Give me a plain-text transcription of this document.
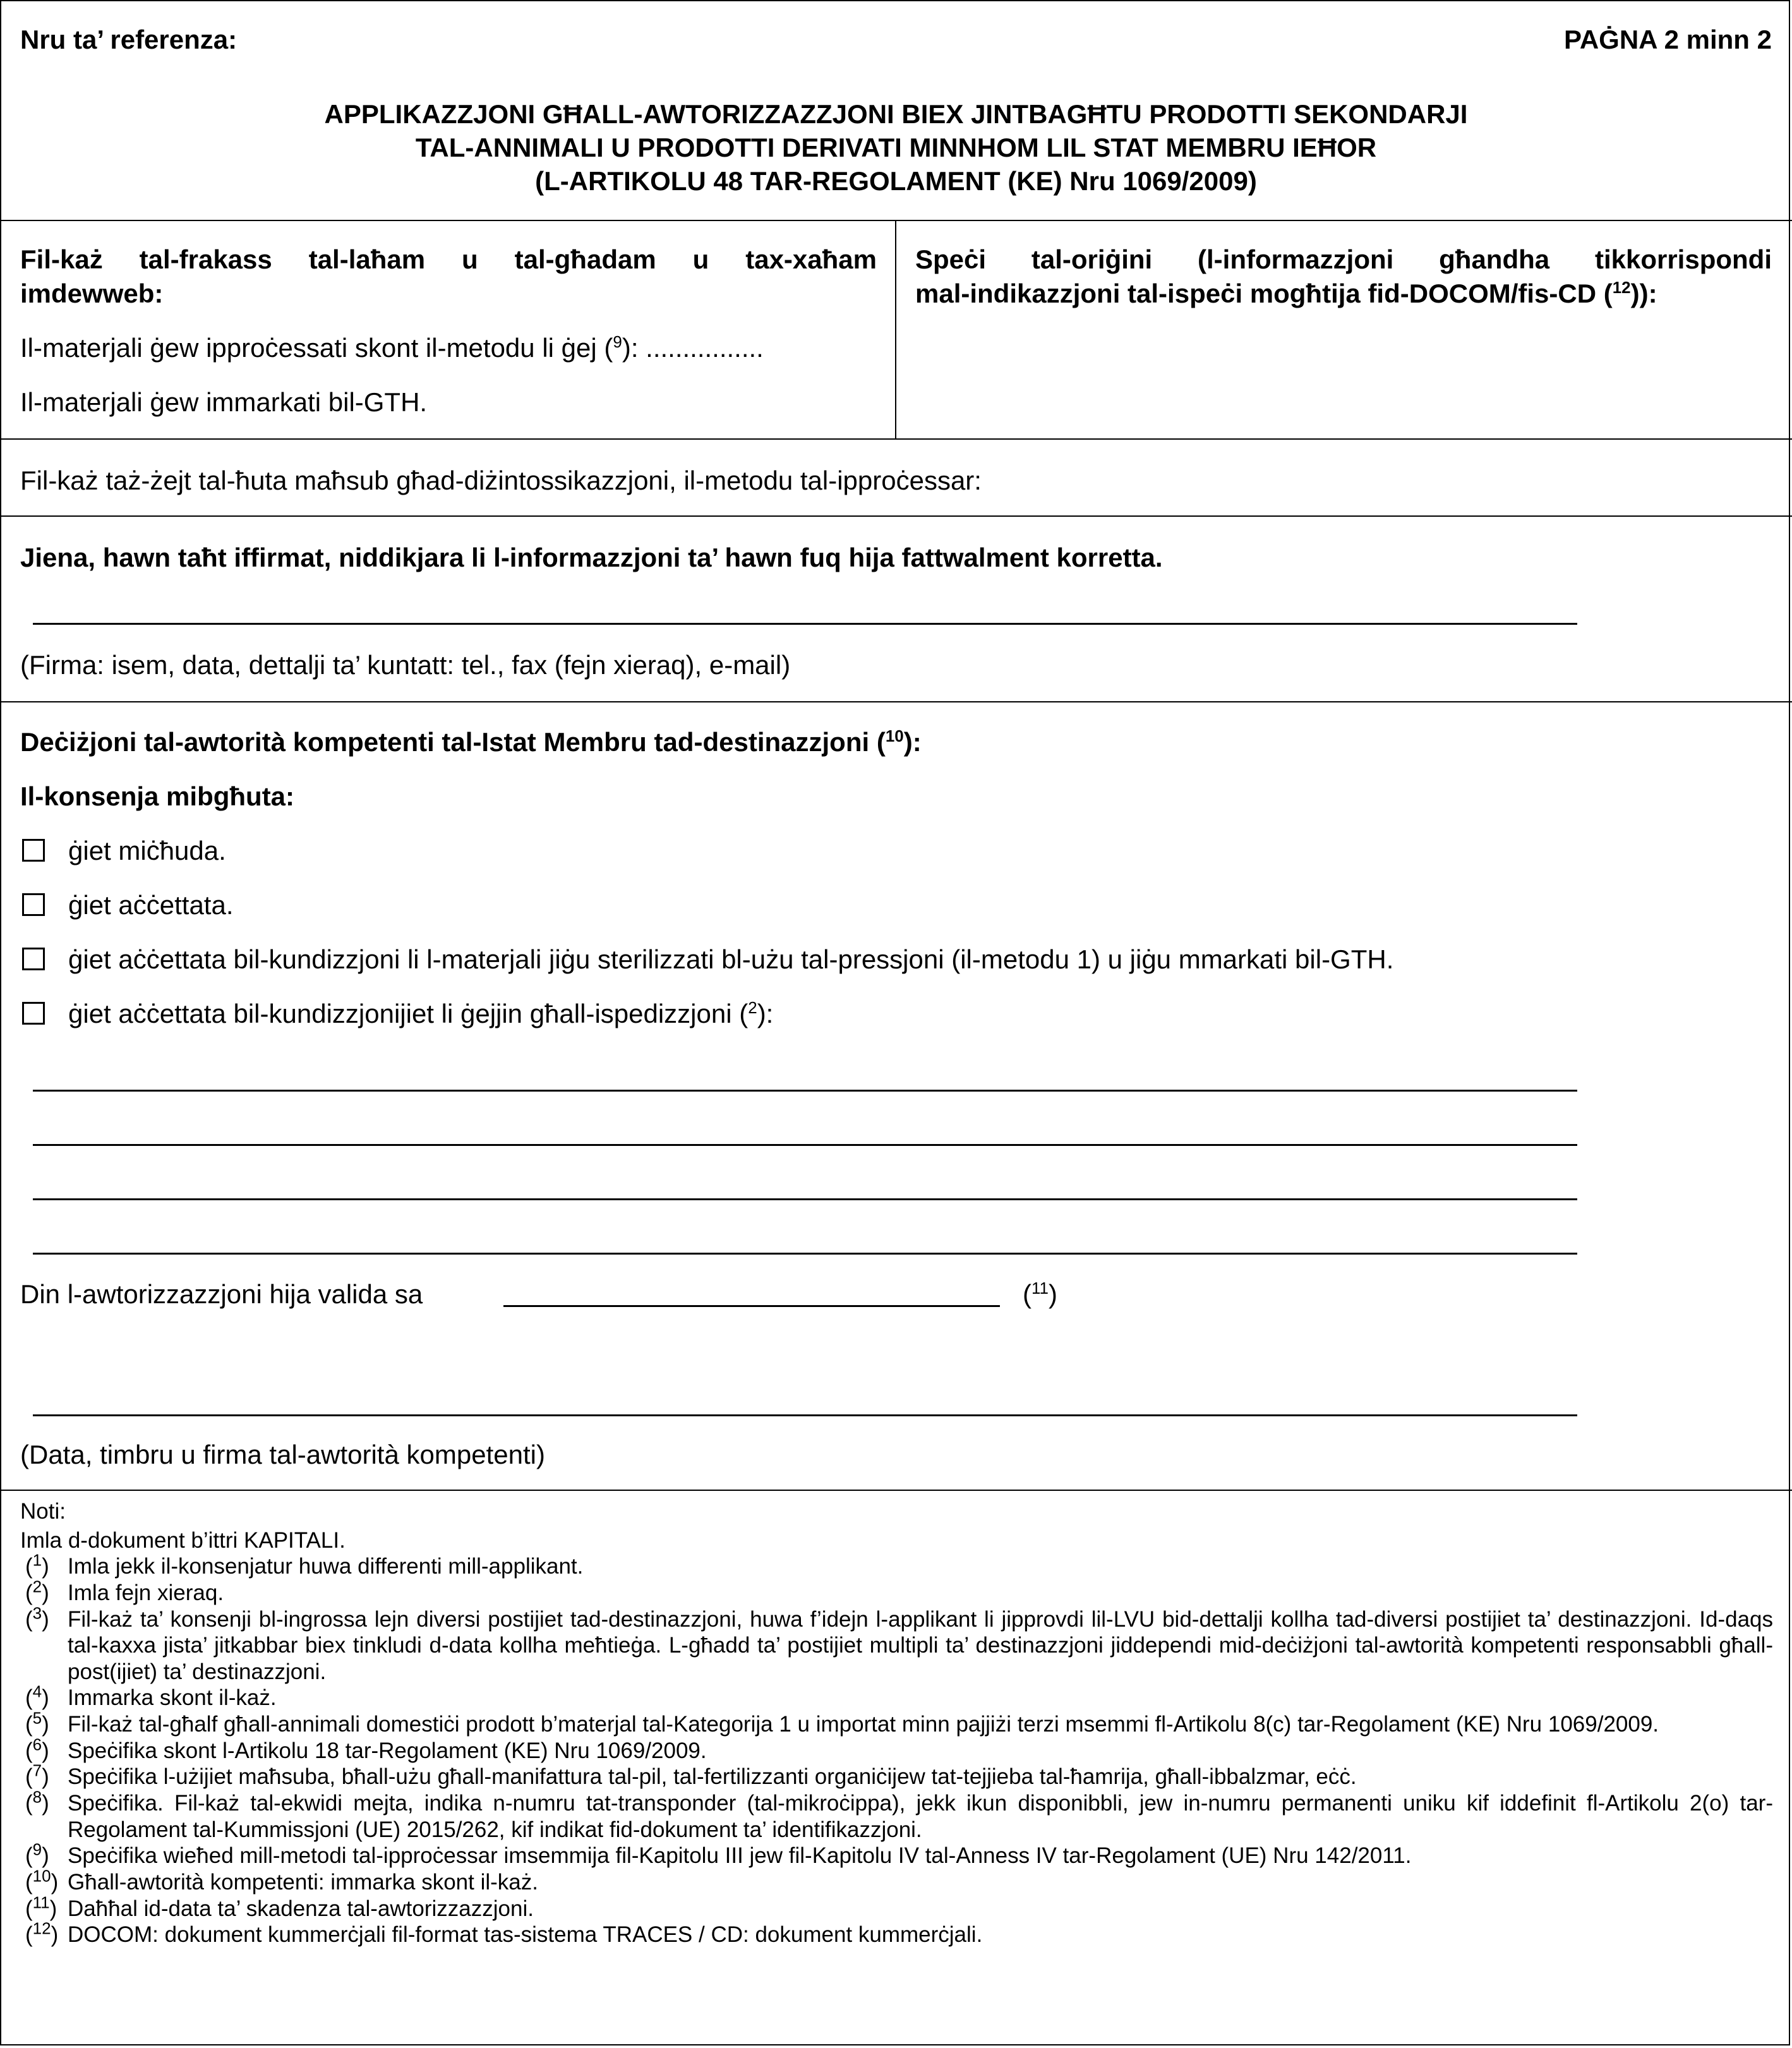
Nru ta’ referenza:	PAĠNA 2 minn 2
APPLIKAZZJONI GĦALL-AWTORIZZAZZJONI BIEX JINTBAGĦTU PRODOTTI SEKONDARJI
TAL-ANNIMALI U PRODOTTI DERIVATI MINNHOM LIL STAT MEMBRU IEĦOR
(L-ARTIKOLU 48 TAR-REGOLAMENT (KE) Nru 1069/2009)
Fil-każ tal-frakass tal-laħam u tal-għadam u tax-xaħam
imdewweb:
Il-materjali ġew ipproċessati skont il-metodu li ġej ($^9$): ................
Il-materjali ġew immarkati bil-GTH.
Speċi tal-oriġini (l-informazzjoni għandha tikkorrispondi
mal-indikazzjoni tal-ispeċi mogħtija fid-DOCOM/fis-CD ($^{12}$)):
Fil-każ taż-żejt tal-ħuta maħsub għad-diżintossikazzjoni, il-metodu tal-ipproċessar:
Jiena, hawn taħt iffirmat, niddikjara li l-informazzjoni ta’ hawn fuq hija fattwalment korretta.
(Firma: isem, data, dettalji ta’ kuntatt: tel., fax (fejn xieraq), e-mail)
Deċiżjoni tal-awtorità kompetenti tal-Istat Membru tad-destinazzjoni ($^{10}$):
Il-konsenja mibgħuta:
ġiet miċħuda.
ġiet aċċettata.
ġiet aċċettata bil-kundizzjoni li l-materjali jiġu sterilizzati bl-użu tal-pressjoni (il-metodu 1) u jiġu mmarkati bil-GTH.
ġiet aċċettata bil-kundizzjonijiet li ġejjin għall-ispedizzjoni ($^2$):
Din l-awtorizzazzjoni hija valida sa	($^{11}$)
(Data, timbru u firma tal-awtorità kompetenti)
Noti:
Imla d-dokument b’ittri KAPITALI.
($^1$) Imla jekk il-konsenjatur huwa differenti mill-applikant.
($^2$) Imla fejn xieraq.
($^3$) Fil-każ ta’ konsenji bl-ingrossa lejn diversi postijiet tad-destinazzjoni, huwa f’idejn l-applikant li jipprovdi lil-LVU bid-dettalji kollha tad-diversi postijiet ta’ destinazzjoni. Id-daqs tal-kaxxa jista’ jitkabbar biex tinkludi d-data kollha meħtieġa. L-għadd ta’ postijiet multipli ta’ destinazzjoni jiddependi mid-deċiżjoni tal-awtorità kompetenti responsabbli għall-post(ijiet) ta’ destinazzjoni.
($^4$) Immarka skont il-każ.
($^5$) Fil-każ tal-għalf għall-annimali domestiċi prodott b’materjal tal-Kategorija 1 u importat minn pajjiżi terzi msemmi fl-Artikolu 8(c) tar-Regolament (KE) Nru 1069/2009.
($^6$) Speċifika skont l-Artikolu 18 tar-Regolament (KE) Nru 1069/2009.
($^7$) Speċifika l-użijiet maħsuba, bħall-użu għall-manifattura tal-pil, tal-fertilizzanti organiċijew tat-tejjieba tal-ħamrija, għall-ibbalzmar, eċċ.
($^8$) Speċifika. Fil-każ tal-ekwidi mejta, indika n-numru tat-transponder (tal-mikroċippa), jekk ikun disponibbli, jew in-numru permanenti uniku kif iddefinit fl-Artikolu 2(o) tar-Regolament tal-Kummissjoni (UE) 2015/262, kif indikat fid-dokument ta’ identifikazzjoni.
($^9$) Speċifika wieħed mill-metodi tal-ipproċessar imsemmija fil-Kapitolu III jew fil-Kapitolu IV tal-Anness IV tar-Regolament (UE) Nru 142/2011.
($^{10}$) Għall-awtorità kompetenti: immarka skont il-każ.
($^{11}$) Daħħal id-data ta’ skadenza tal-awtorizzazzjoni.
($^{12}$) DOCOM: dokument kummerċjali fil-format tas-sistema TRACES / CD: dokument kummerċjali.
